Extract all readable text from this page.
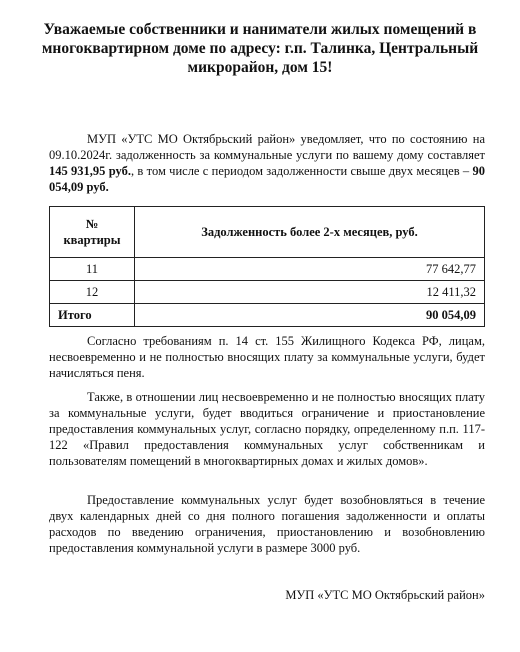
Уважаемые собственники и наниматели жилых помещений в многоквартирном доме по адресу: г.п. Талинка, Центральный микрорайон, дом 15!
МУП «УТС МО Октябрьский район» уведомляет, что по состоянию на 09.10.2024г. задолженность за коммунальные услуги по вашему дому составляет 145 931,95 руб., в том числе с периодом задолженности свыше двух месяцев – 90 054,09 руб.
№ квартиры	Задолженность более 2-х месяцев, руб.
11	77 642,77
12	12 411,32
Итого	90 054,09
Согласно требованиям п. 14 ст. 155 Жилищного Кодекса РФ, лицам, несвоевременно и не полностью вносящих плату за коммунальные услуги, будет начисляться пеня.
Также, в отношении лиц несвоевременно и не полностью вносящих плату за коммунальные услуги, будет вводиться ограничение и приостановление предоставления коммунальных услуг, согласно порядку, определенному п.п. 117-122 «Правил предоставления коммунальных услуг собственникам и пользователям помещений в многоквартирных домах и жилых домов».
Предоставление коммунальных услуг будет возобновляться в течение двух календарных дней со дня полного погашения задолженности и оплаты расходов по введению ограничения, приостановлению и возобновлению предоставления коммунальной услуги в размере 3000 руб.
МУП «УТС МО Октябрьский район»
